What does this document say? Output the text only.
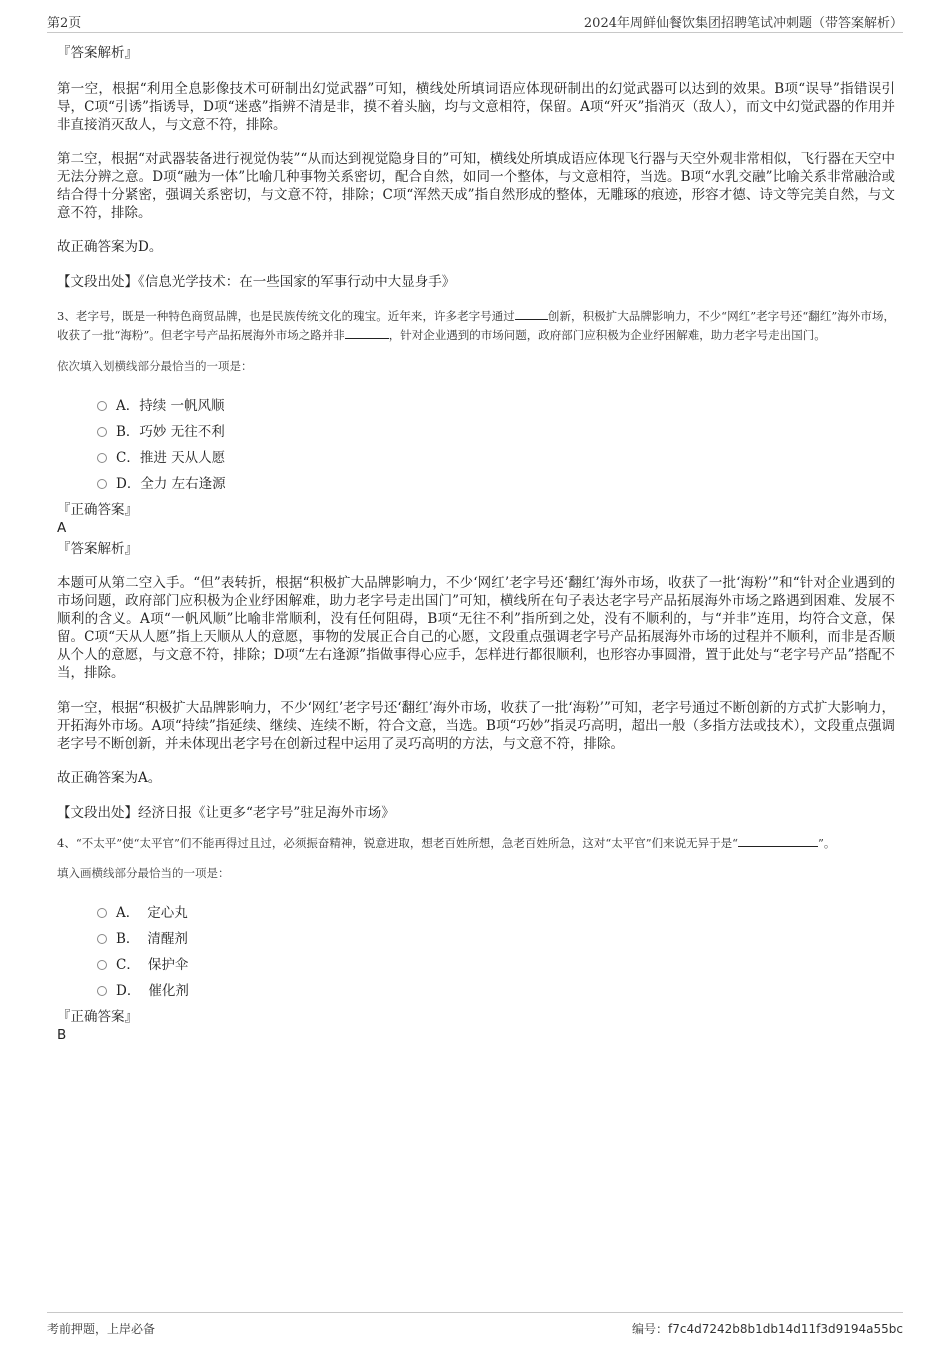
第2页	2024年周鲜仙餐饮集团招聘笔试冲刺题（带答案解析）

『答案解析』

第一空，根据“利用全息影像技术可研制出幻觉武器”可知，横线处所填词语应体现研制出的幻觉武器可以达到的效果。B项“误导”指错误引导，C项“引诱”指诱导，D项“迷惑”指辨不清是非，摸不着头脑，均与文意相符，保留。A项“歼灭”指消灭（敌人），而文中幻觉武器的作用并非直接消灭敌人，与文意不符，排除。

第二空，根据“对武器装备进行视觉伪装”“从而达到视觉隐身目的”可知，横线处所填成语应体现飞行器与天空外观非常相似，飞行器在天空中无法分辨之意。D项“融为一体”比喻几种事物关系密切，配合自然，如同一个整体，与文意相符，当选。B项“水乳交融”比喻关系非常融洽或结合得十分紧密，强调关系密切，与文意不符，排除；C项“浑然天成”指自然形成的整体，无雕琢的痕迹，形容才德、诗文等完美自然，与文意不符，排除。

故正确答案为D。

【文段出处】《信息光学技术：在一些国家的军事行动中大显身手》

3、老字号，既是一种特色商贸品牌，也是民族传统文化的瑰宝。近年来，许多老字号通过	创新，积极扩大品牌影响力，不少“网红”老字号还“翻红”海外市场，收获了一批“海粉”。但老字号产品拓展海外市场之路并非	，针对企业遇到的市场问题，政府部门应积极为企业纾困解难，助力老字号走出国门。

依次填入划横线部分最恰当的一项是：

A． 持续 一帆风顺
B． 巧妙 无往不利
C． 推进 天从人愿
D． 全力 左右逢源

『正确答案』

A

『答案解析』

本题可从第二空入手。“但”表转折，根据“积极扩大品牌影响力，不少‘网红’老字号还‘翻红’海外市场，收获了一批‘海粉’”和“针对企业遇到的市场问题，政府部门应积极为企业纾困解难，助力老字号走出国门”可知，横线所在句子表达老字号产品拓展海外市场之路遇到困难、发展不顺利的含义。A项“一帆风顺”比喻非常顺利，没有任何阻碍，B项“无往不利”指所到之处，没有不顺利的，与“并非”连用，均符合文意，保留。C项“天从人愿”指上天顺从人的意愿，事物的发展正合自己的心愿，文段重点强调老字号产品拓展海外市场的过程并不顺利，而非是否顺从个人的意愿，与文意不符，排除；D项“左右逢源”指做事得心应手，怎样进行都很顺利，也形容办事圆滑，置于此处与“老字号产品”搭配不当，排除。

第一空，根据“积极扩大品牌影响力，不少‘网红’老字号还‘翻红’海外市场，收获了一批‘海粉’”可知，老字号通过不断创新的方式扩大影响力，开拓海外市场。A项“持续”指延续、继续、连续不断，符合文意，当选。B项“巧妙”指灵巧高明，超出一般（多指方法或技术），文段重点强调老字号不断创新，并未体现出老字号在创新过程中运用了灵巧高明的方法，与文意不符，排除。

故正确答案为A。

【文段出处】经济日报《让更多“老字号”驻足海外市场》

4、“不太平”使“太平官”们不能再得过且过，必须振奋精神，锐意进取，想老百姓所想，急老百姓所急，这对“太平官”们来说无异于是“	”。

填入画横线部分最恰当的一项是：

A． 定心丸
B． 清醒剂
C． 保护伞
D． 催化剂

『正确答案』

B

考前押题，上岸必备	编号：f7c4d7242b8b1db14d11f3d9194a55bc
